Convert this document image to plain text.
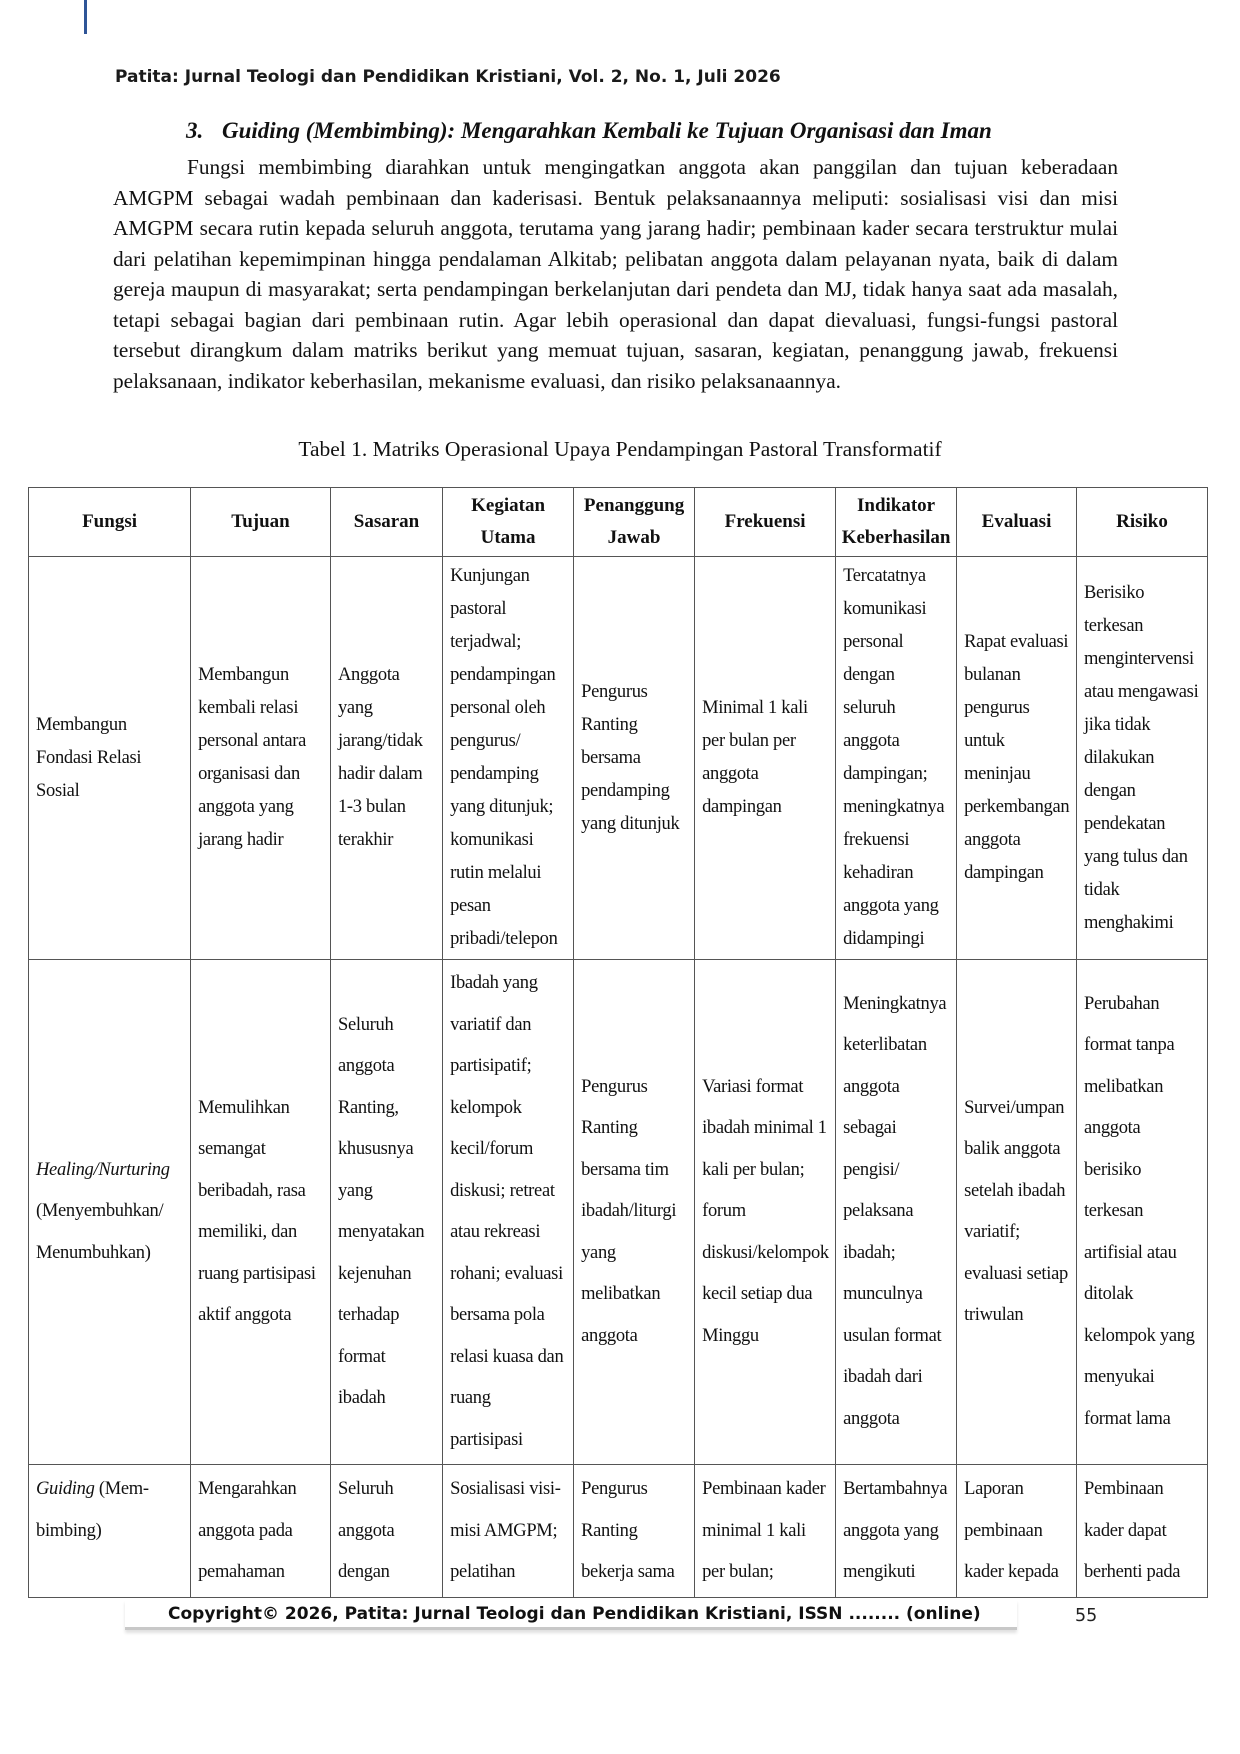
Patita: Jurnal Teologi dan Pendidikan Kristiani, Vol. 2, No. 1, Juli 2026
3. Guiding (Membimbing): Mengarahkan Kembali ke Tujuan Organisasi dan Iman

Fungsi membimbing diarahkan untuk mengingatkan anggota akan panggilan dan tujuan keberadaan AMGPM sebagai wadah pembinaan dan kaderisasi. Bentuk pelaksanaannya meliputi: sosialisasi visi dan misi AMGPM secara rutin kepada seluruh anggota, terutama yang jarang hadir; pembinaan kader secara terstruktur mulai dari pelatihan kepemimpinan hingga pendalaman Alkitab; pelibatan anggota dalam pelayanan nyata, baik di dalam gereja maupun di masyarakat; serta pendampingan berkelanjutan dari pendeta dan MJ, tidak hanya saat ada masalah, tetapi sebagai bagian dari pembinaan rutin. Agar lebih operasional dan dapat dievaluasi, fungsi-fungsi pastoral tersebut dirangkum dalam matriks berikut yang memuat tujuan, sasaran, kegiatan, penanggung jawab, frekuensi pelaksanaan, indikator keberhasilan, mekanisme evaluasi, dan risiko pelaksanaannya.

Tabel 1. Matriks Operasional Upaya Pendampingan Pastoral Transformatif
Fungsi	Tujuan	Sasaran	Kegiatan Utama	Penanggung Jawab	Frekuensi	Indikator Keberhasilan	Evaluasi	Risiko
Membangun Fondasi Relasi Sosial	Membangun kembali relasi personal antara organisasi dan anggota yang jarang hadir	Anggota yang jarang/tidak hadir dalam 1-3 bulan terakhir	Kunjungan pastoral terjadwal; pendampingan personal oleh pengurus/ pendamping yang ditunjuk; komunikasi rutin melalui pesan pribadi/telepon	Pengurus Ranting bersama pendamping yang ditunjuk	Minimal 1 kali per bulan per anggota dampingan	Tercatatnya komunikasi personal dengan seluruh anggota dampingan; meningkatnya frekuensi kehadiran anggota yang didampingi	Rapat evaluasi bulanan pengurus untuk meninjau perkembangan anggota dampingan	Berisiko terkesan mengintervensi atau mengawasi jika tidak dilakukan dengan pendekatan yang tulus dan tidak menghakimi
Healing/Nurturing (Menyembuhkan/ Menumbuhkan)	Memulihkan semangat beribadah, rasa memiliki, dan ruang partisipasi aktif anggota	Seluruh anggota Ranting, khususnya yang menyatakan kejenuhan terhadap format ibadah	Ibadah yang variatif dan partisipatif; kelompok kecil/forum diskusi; retreat atau rekreasi rohani; evaluasi bersama pola relasi kuasa dan ruang partisipasi	Pengurus Ranting bersama tim ibadah/liturgi yang melibatkan anggota	Variasi format ibadah minimal 1 kali per bulan; forum diskusi/kelompok kecil setiap dua Minggu	Meningkatnya keterlibatan anggota sebagai pengisi/ pelaksana ibadah; munculnya usulan format ibadah dari anggota	Survei/umpan balik anggota setelah ibadah variatif; evaluasi setiap triwulan	Perubahan format tanpa melibatkan anggota berisiko terkesan artifisial atau ditolak kelompok yang menyukai format lama
Guiding (Mem- bimbing)	Mengarahkan anggota pada pemahaman	Seluruh anggota dengan	Sosialisasi visi- misi AMGPM; pelatihan	Pengurus Ranting bekerja sama	Pembinaan kader minimal 1 kali per bulan;	Bertambahnya anggota yang mengikuti	Laporan pembinaan kader kepada	Pembinaan kader dapat berhenti pada
Copyright© 2026, Patita: Jurnal Teologi dan Pendidikan Kristiani, ISSN ........ (online)	55
